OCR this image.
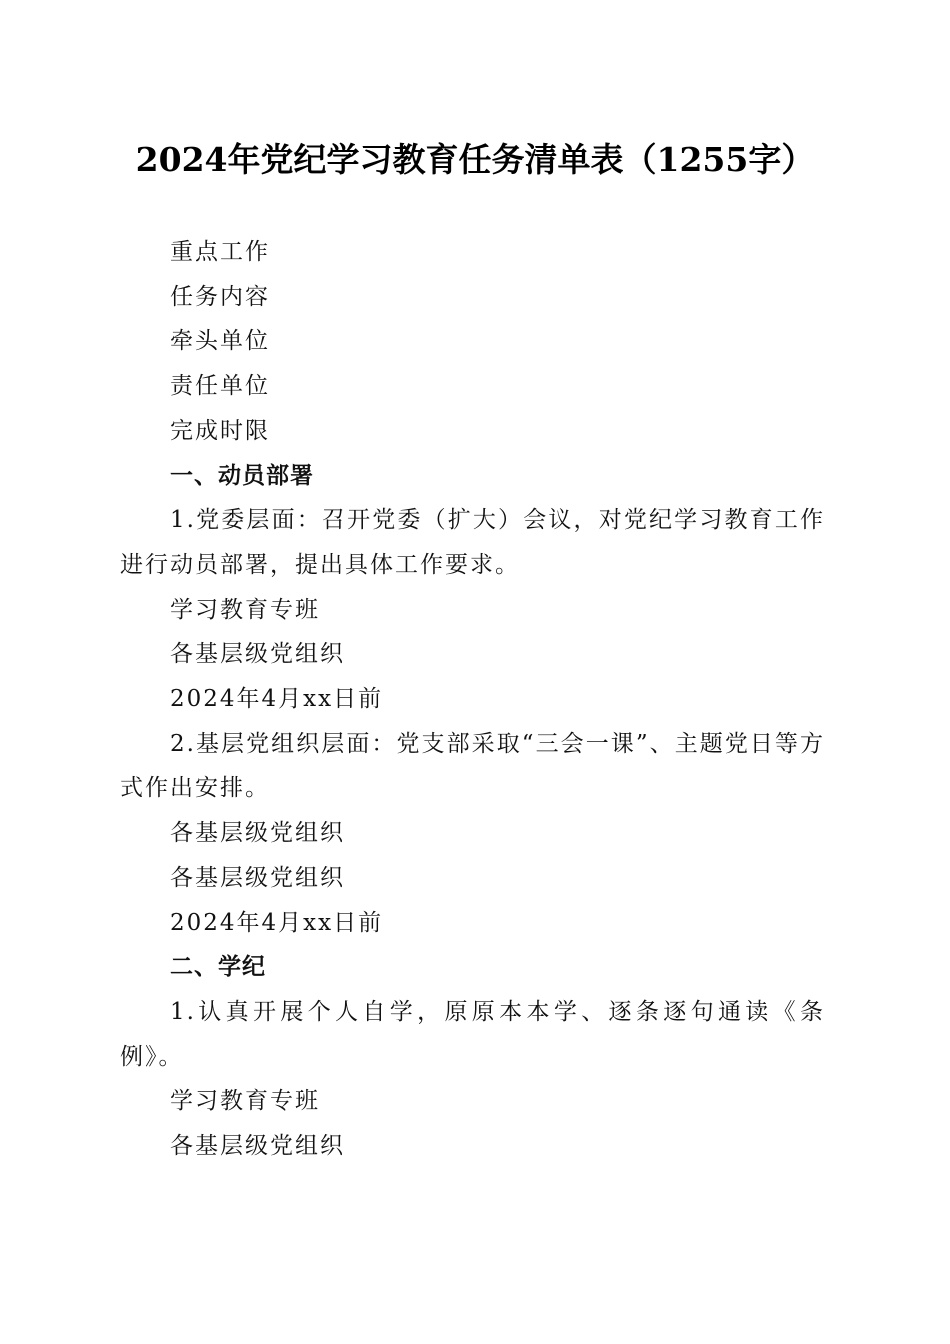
2024年党纪学习教育任务清单表（1255字）

重点工作

任务内容

牵头单位

责任单位

完成时限

一、动员部署

1.党委层面：召开党委（扩大）会议，对党纪学习教育工作进行动员部署，提出具体工作要求。

学习教育专班

各基层级党组织

2024年4月xx日前

2.基层党组织层面：党支部采取“三会一课”、主题党日等方式作出安排。

各基层级党组织

各基层级党组织

2024年4月xx日前

二、学纪

1.认真开展个人自学，原原本本学、逐条逐句通读《条例》。

学习教育专班

各基层级党组织
